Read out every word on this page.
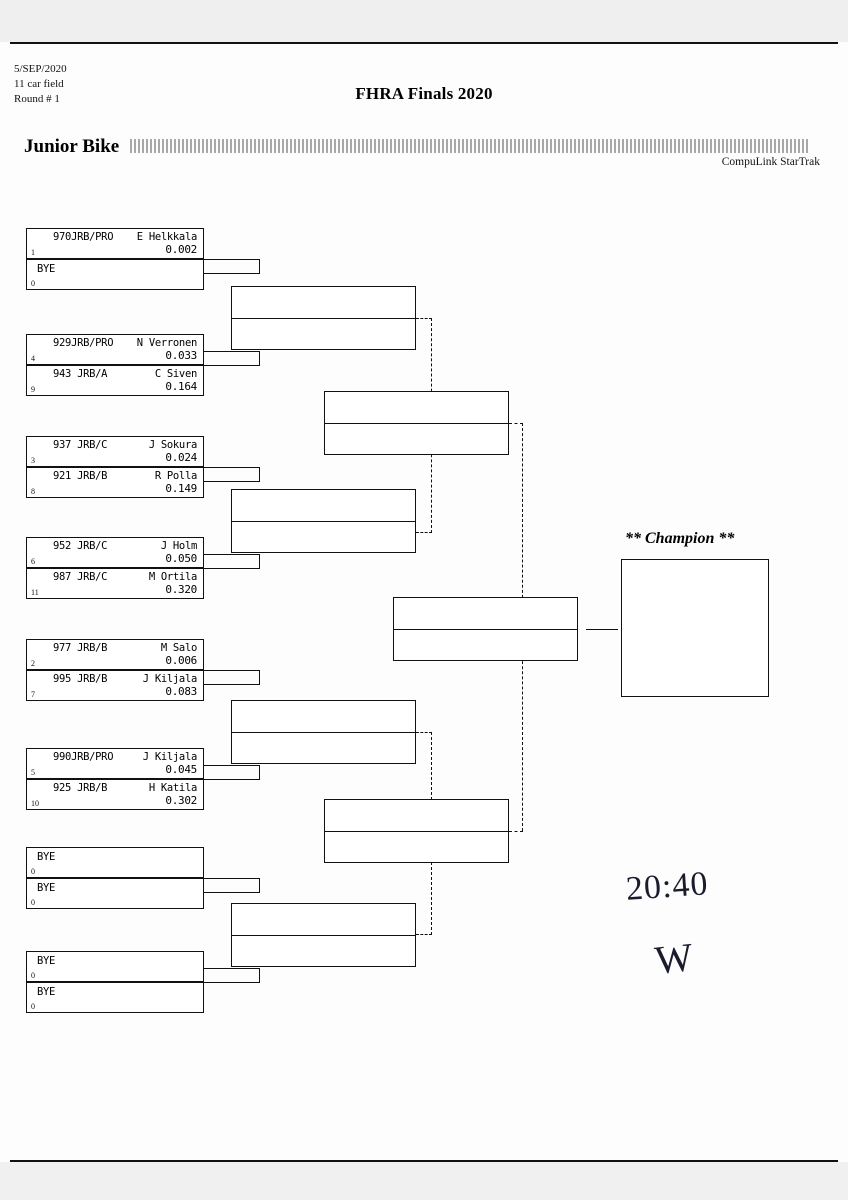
5/SEP/2020
11 car field
Round # 1	FHRA Finals 2020
Junior Bike
CompuLink StarTrak
1
970JRB/PRO E Helkkala
0.002
0
BYE
4
929JRB/PRO N Verronen
0.033
9
943 JRB/A	C Siven
0.164
3
937 JRB/C	J Sokura
0.024
8
921 JRB/B	R Polla
0.149
6
952 JRB/C	J Holm
0.050
11
987 JRB/C	M Ortila
0.320
2
977 JRB/B	M Salo
0.006
7
995 JRB/B	J Kiljala
0.083
5
990JRB/PRO	J Kiljala
0.045
10
925 JRB/B	H Katila
0.302
0
BYE
0
BYE
0
BYE
0
BYE
** Champion **
20:40
W
